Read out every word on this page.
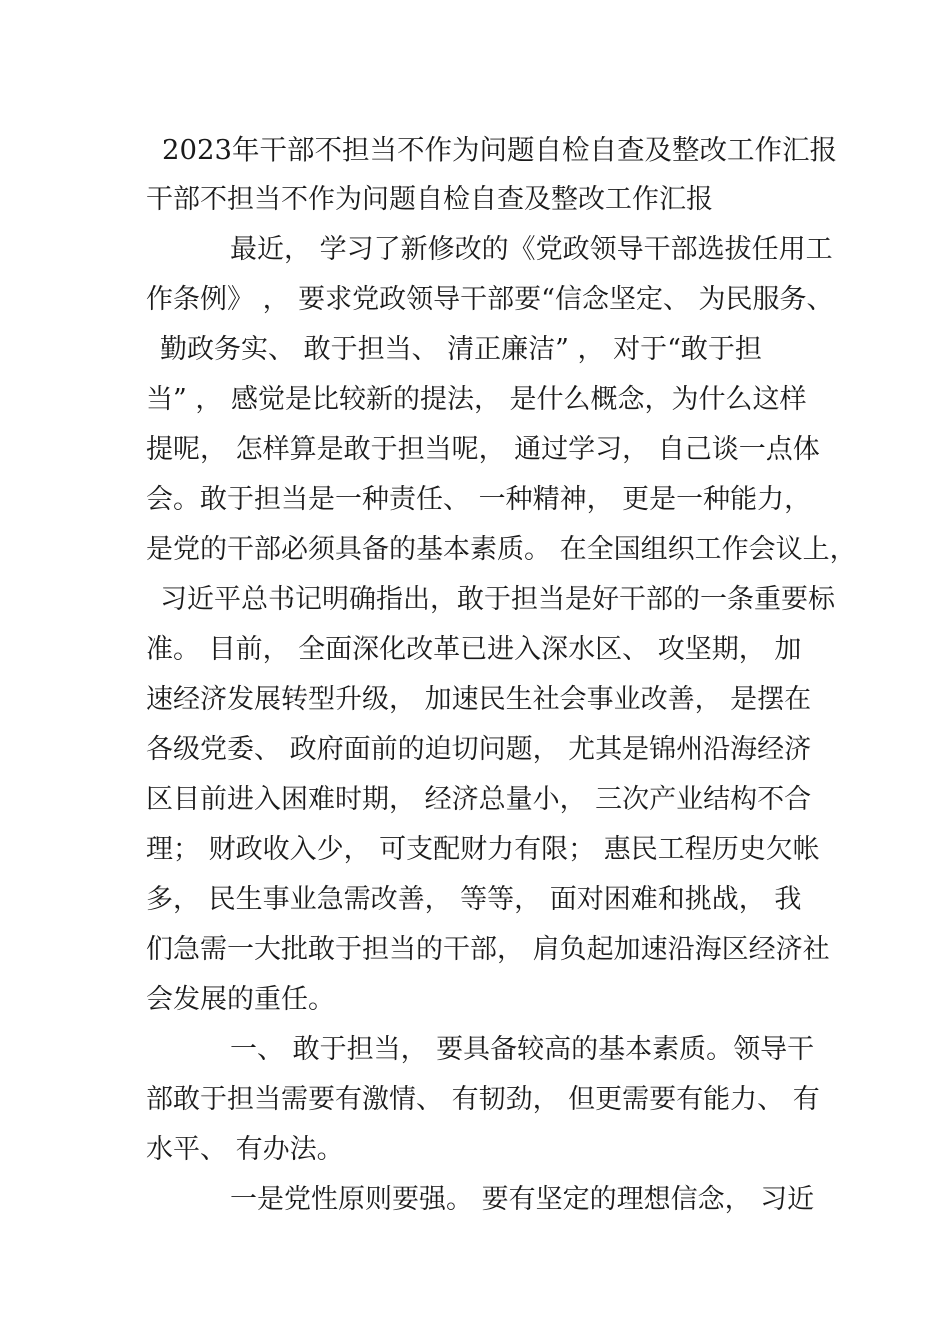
2023年干部不担当不作为问题自检自查及整改工作汇报
干部不担当不作为问题自检自查及整改工作汇报
最近， 学习了新修改的《党政领导干部选拔任用工
作条例》 ， 要求党政领导干部要“信念坚定、 为民服务、
勤政务实、 敢于担当、 清正廉洁” ， 对于“敢于担
当” ， 感觉是比较新的提法， 是什么概念，为什么这样
提呢， 怎样算是敢于担当呢， 通过学习， 自己谈一点体
会。敢于担当是一种责任、 一种精神， 更是一种能力，
是党的干部必须具备的基本素质。 在全国组织工作会议上，
习近平总书记明确指出，敢于担当是好干部的一条重要标
准。 目前， 全面深化改革已进入深水区、 攻坚期， 加
速经济发展转型升级， 加速民生社会事业改善， 是摆在
各级党委、 政府面前的迫切问题， 尤其是锦州沿海经济
区目前进入困难时期， 经济总量小， 三次产业结构不合
理； 财政收入少， 可支配财力有限； 惠民工程历史欠帐
多， 民生事业急需改善， 等等， 面对困难和挑战， 我
们急需一大批敢于担当的干部， 肩负起加速沿海区经济社
会发展的重任。
一、 敢于担当， 要具备较高的基本素质。领导干
部敢于担当需要有激情、 有韧劲， 但更需要有能力、 有
水平、 有办法。
一是党性原则要强。 要有坚定的理想信念， 习近
